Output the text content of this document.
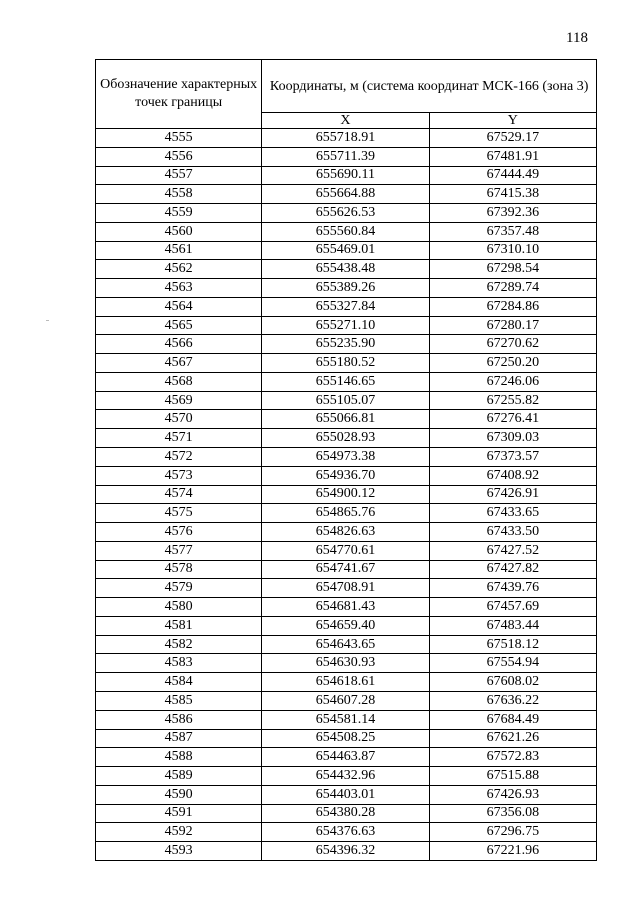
118
Обозначение характерных точек границы	Координаты, м (система координат МСК-166 (зона 3)	
	X	Y
4555	655718.91	67529.17
4556	655711.39	67481.91
4557	655690.11	67444.49
4558	655664.88	67415.38
4559	655626.53	67392.36
4560	655560.84	67357.48
4561	655469.01	67310.10
4562	655438.48	67298.54
4563	655389.26	67289.74
4564	655327.84	67284.86
4565	655271.10	67280.17
4566	655235.90	67270.62
4567	655180.52	67250.20
4568	655146.65	67246.06
4569	655105.07	67255.82
4570	655066.81	67276.41
4571	655028.93	67309.03
4572	654973.38	67373.57
4573	654936.70	67408.92
4574	654900.12	67426.91
4575	654865.76	67433.65
4576	654826.63	67433.50
4577	654770.61	67427.52
4578	654741.67	67427.82
4579	654708.91	67439.76
4580	654681.43	67457.69
4581	654659.40	67483.44
4582	654643.65	67518.12
4583	654630.93	67554.94
4584	654618.61	67608.02
4585	654607.28	67636.22
4586	654581.14	67684.49
4587	654508.25	67621.26
4588	654463.87	67572.83
4589	654432.96	67515.88
4590	654403.01	67426.93
4591	654380.28	67356.08
4592	654376.63	67296.75
4593	654396.32	67221.96
